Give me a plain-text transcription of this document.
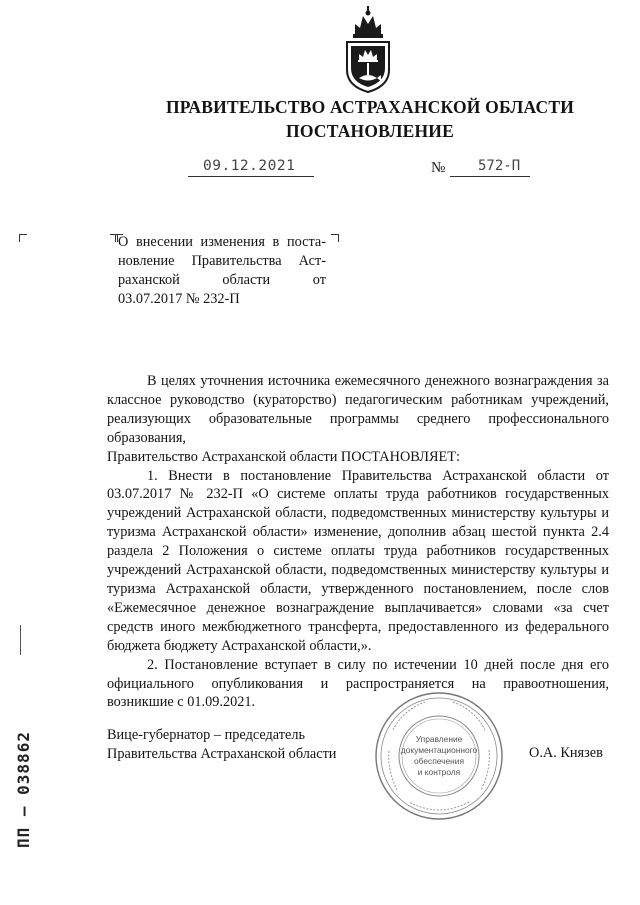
ПРАВИТЕЛЬСТВО АСТРАХАНСКОЙ ОБЛАСТИ
ПОСТАНОВЛЕНИЕ
09.12.2021	№ 572-П
О внесении изменения в поста-
новление Правительства Аст-
раханской области от
03.07.2017 № 232-П

В целях уточнения источника ежемесячного денежного вознаграждения за классное руководство (кураторство) педагогическим работникам учреждений, реализующих образовательные программы среднего профессионального образования,

Правительство Астраханской области ПОСТАНОВЛЯЕТ:

1. Внести в постановление Правительства Астраханской области от 03.07.2017 № 232-П «О системе оплаты труда работников государственных учреждений Астраханской области, подведомственных министерству культуры и туризма Астраханской области» изменение, дополнив абзац шестой пункта 2.4 раздела 2 Положения о системе оплаты труда работников государственных учреждений Астраханской области, подведомственных министерству культуры и туризма Астраханской области, утвержденного постановлением, после слов «Ежемесячное денежное вознаграждение выплачивается» словами «за счет средств иного межбюджетного трансферта, предоставленного из федерального бюджета бюджету Астраханской области,».

2. Постановление вступает в силу по истечении 10 дней после дня его официального опубликования и распространяется на правоотношения, возникшие с 01.09.2021.

Вице-губернатор – председатель
Правительства Астраханской области	О.А. Князев
Управление
документационного
обеспечения
и контроля
ПП – 038862
